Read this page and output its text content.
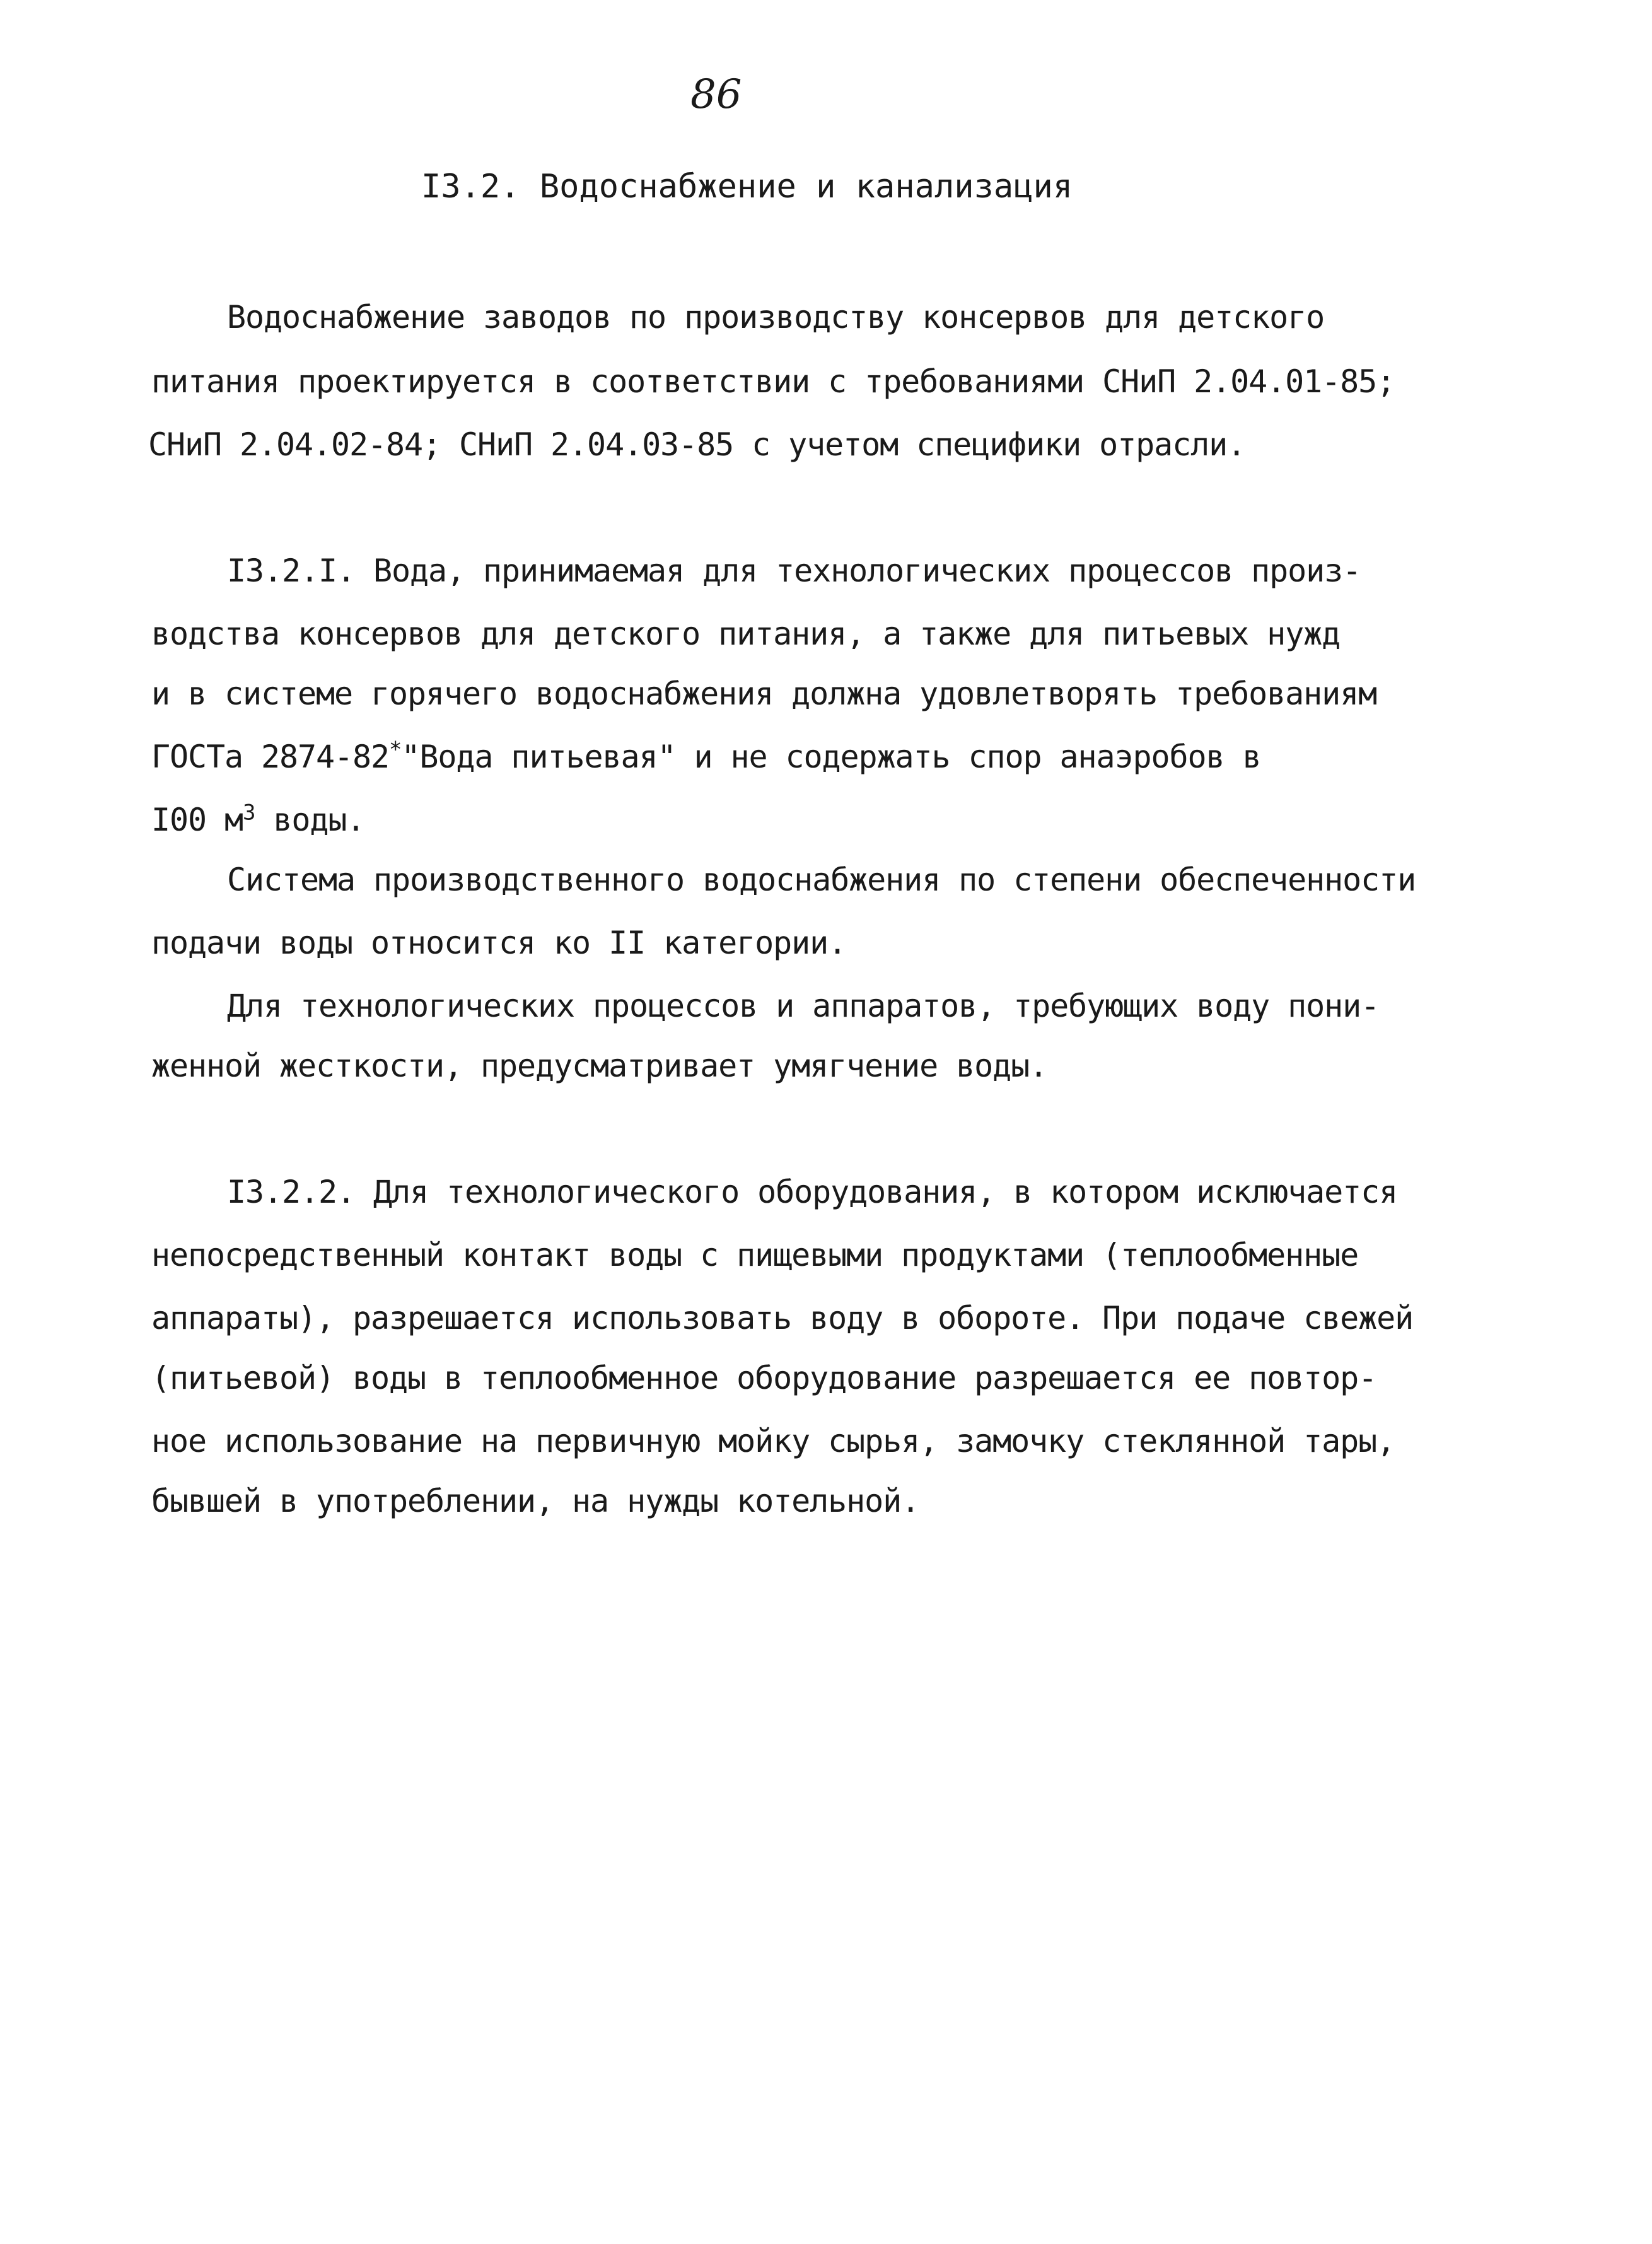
86
I3.2. Водоснабжение и канализация
Водоснабжение заводов по производству консервов для детского
питания проектируется в соответствии с требованиями СНиП 2.04.01-85;
СНиП 2.04.02-84; СНиП 2.04.03-85 с учетом специфики отрасли.
I3.2.I. Вода, принимаемая для технологических процессов произ-
водства консервов для детского питания, а также для питьевых нужд
и в системе горячего водоснабжения должна удовлетворять требованиям
ГОСТа 2874-82*"Вода питьевая" и не содержать спор анаэробов в
I00 $м^3$ воды.
Система производственного водоснабжения по степени обеспеченности
подачи воды относится ко II категории.
Для технологических процессов и аппаратов, требующих воду пони-
женной жесткости, предусматривает умягчение воды.
I3.2.2. Для технологического оборудования, в котором исключается
непосредственный контакт воды с пищевыми продуктами (теплообменные
аппараты), разрешается использовать воду в обороте. При подаче свежей
(питьевой) воды в теплообменное оборудование разрешается ее повтор-
ное использование на первичную мойку сырья, замочку стеклянной тары,
бывшей в употреблении, на нужды котельной.
